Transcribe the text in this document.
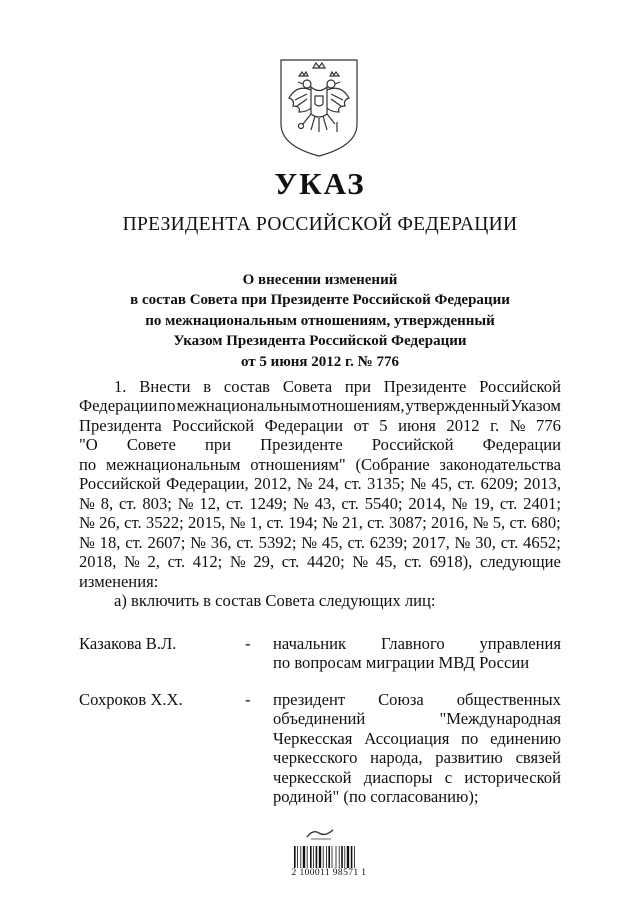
УКАЗ
ПРЕЗИДЕНТА РОССИЙСКОЙ ФЕДЕРАЦИИ
О внесении изменений
в состав Совета при Президенте Российской Федерации
по межнациональным отношениям, утвержденный
Указом Президента Российской Федерации
от 5 июня 2012 г. № 776
1. Внести в состав Совета при Президенте Российской
Федерации по межнациональным отношениям, утвержденный Указом
Президента Российской Федерации от 5 июня 2012 г. № 776
"О Совете при Президенте Российской Федерации
по межнациональным отношениям" (Собрание законодательства
Российской Федерации, 2012, № 24, ст. 3135; № 45, ст. 6209; 2013,
№ 8, ст. 803; № 12, ст. 1249; № 43, ст. 5540; 2014, № 19, ст. 2401;
№ 26, ст. 3522; 2015, № 1, ст. 194; № 21, ст. 3087; 2016, № 5, ст. 680;
№ 18, ст. 2607; № 36, ст. 5392; № 45, ст. 6239; 2017, № 30, ст. 4652;
2018, № 2, ст. 412; № 29, ст. 4420; № 45, ст. 6918), следующие
изменения:
а) включить в состав Совета следующих лиц:
Казакова В.Л.	- начальник Главного управления
по вопросам миграции МВД России
Сохроков Х.Х.	- президент Союза общественных
объединений	"Международная
Черкесская Ассоциация по единению
черкесского народа, развитию связей
черкесской диаспоры с исторической
родиной" (по согласованию);
2 100011 98571 1
